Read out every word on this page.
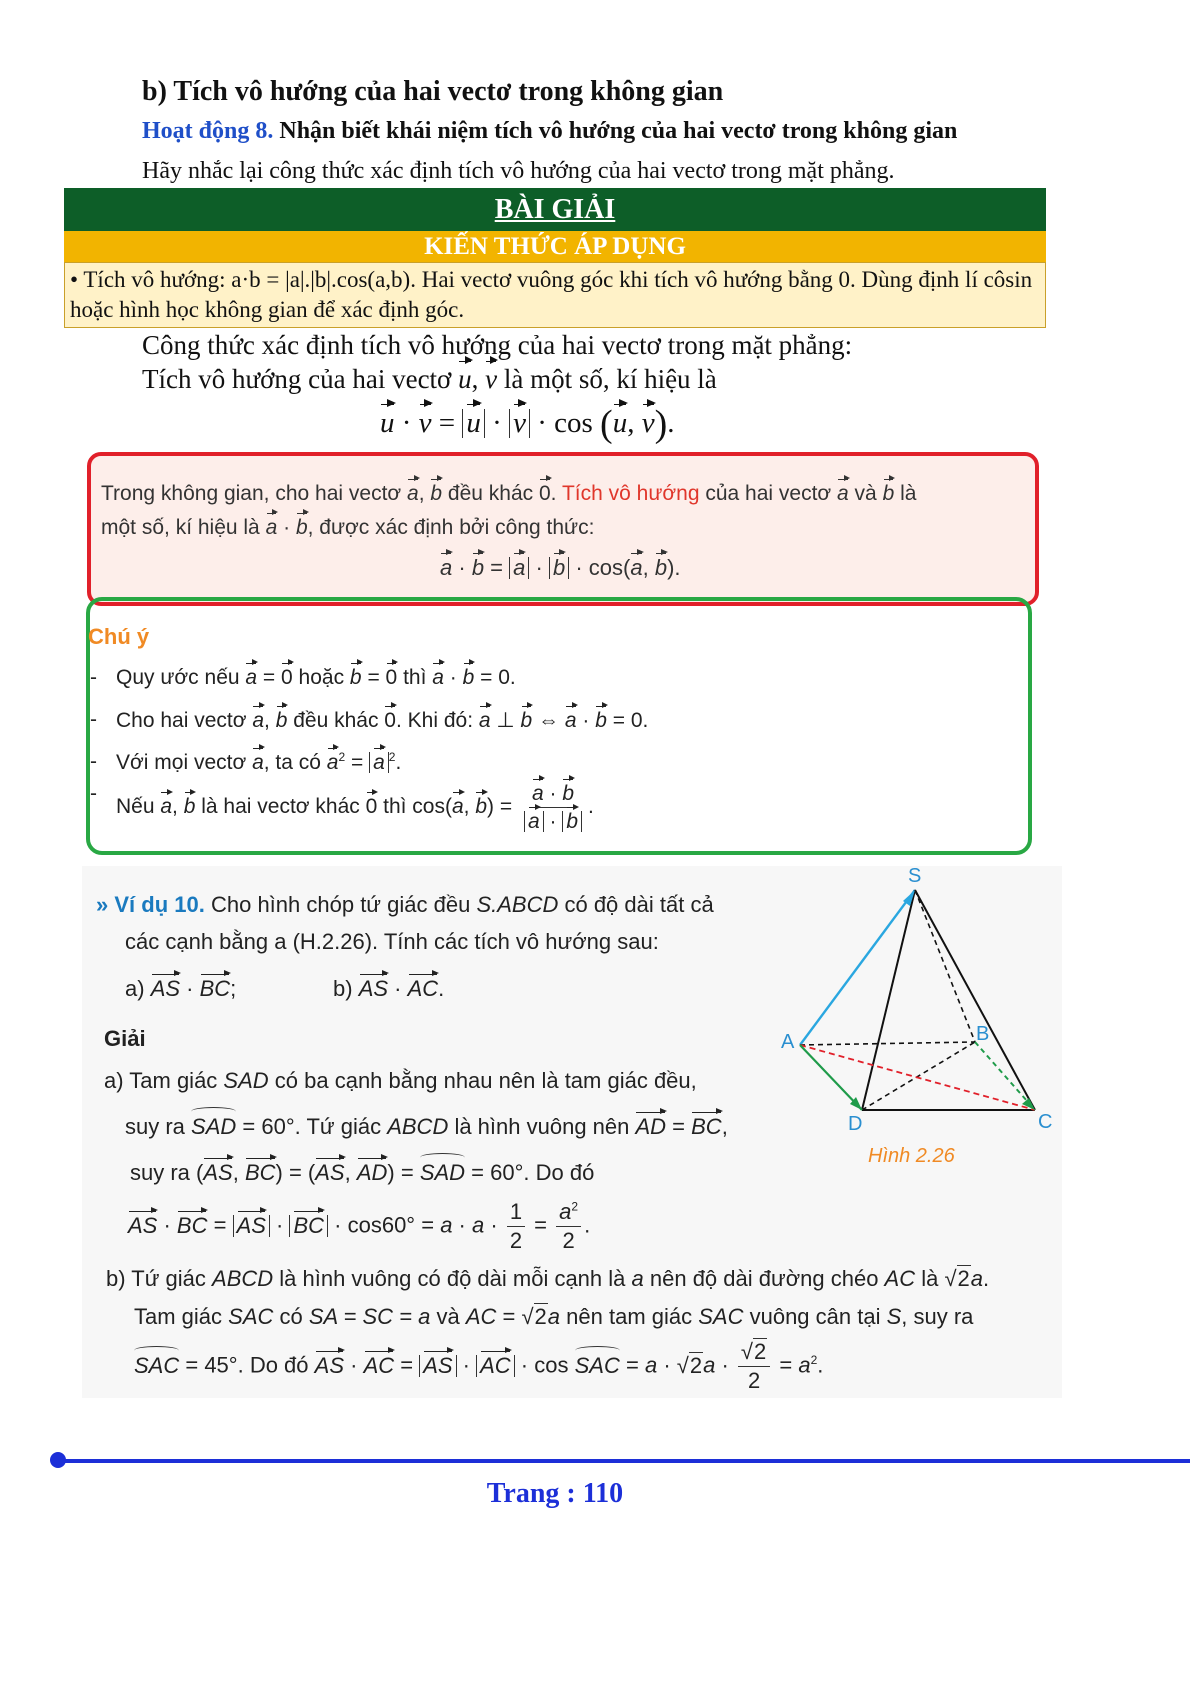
b) Tích vô hướng của hai vectơ trong không gian
Hoạt động 8. Nhận biết khái niệm tích vô hướng của hai vectơ trong không gian
Hãy nhắc lại công thức xác định tích vô hướng của hai vectơ trong mặt phẳng.
BÀI GIẢI
KIẾN THỨC ÁP DỤNG
• Tích vô hướng: a·b = |a|.|b|.cos(a,b). Hai vectơ vuông góc khi tích vô hướng bằng 0. Dùng định lí côsin hoặc hình học không gian để xác định góc.
Công thức xác định tích vô hướng của hai vectơ trong mặt phẳng:
Tích vô hướng của hai vectơ u, v là một số, kí hiệu là
u · v = u · v · cos (u, v).
Trong không gian, cho hai vectơ a, b đều khác 0. Tích vô hướng của hai vectơ a và b là
một số, kí hiệu là a · b, được xác định bởi công thức:
a · b = a · b · cos(a, b).
Chú ý
- Quy ước nếu a = 0 hoặc b = 0 thì a · b = 0.
- Cho hai vectơ a, b đều khác 0. Khi đó: a ⊥ b ⇔ a · b = 0.
- Với mọi vectơ a, ta có $a^2 = a$ $^2$.
- Nếu a, b là hai vectơ khác 0 thì cos(a, $b) = \frac{a \cdot b}{a \cdot b}$ .
» Ví dụ 10. Cho hình chóp tứ giác đều S.ABCD có độ dài tất cả
các cạnh bằng a (H.2.26). Tính các tích vô hướng sau:
a) AS · BC;	b) AS · AC.
Giải
a) Tam giác SAD có ba cạnh bằng nhau nên là tam giác đều,
suy ra SAD = 60°. Tứ giác ABCD là hình vuông nên AD = BC,
suy ra (AS, BC) = (AS, AD) = SAD = 60°. Do đó
AS · BC = AS · BC · $\cos 60^\circ = a \cdot a \cdot \frac{1}{2} = \frac{a^2}{2}$ .
b) Tứ giác ABCD là hình vuông có độ dài mỗi cạnh là a nên độ dài đường chéo AC là √2a.
Tam giác SAC có SA = SC = a và AC = √2a nên tam giác SAC vuông cân tại S, suy ra
SAC = 45°. Do đó AS · AC = AS · AC · cos SAC = $a \cdot √2a \cdot \frac{√2}{2} = a^2$.
S
A	B
C
D
Hình 2.26
Trang : 110
